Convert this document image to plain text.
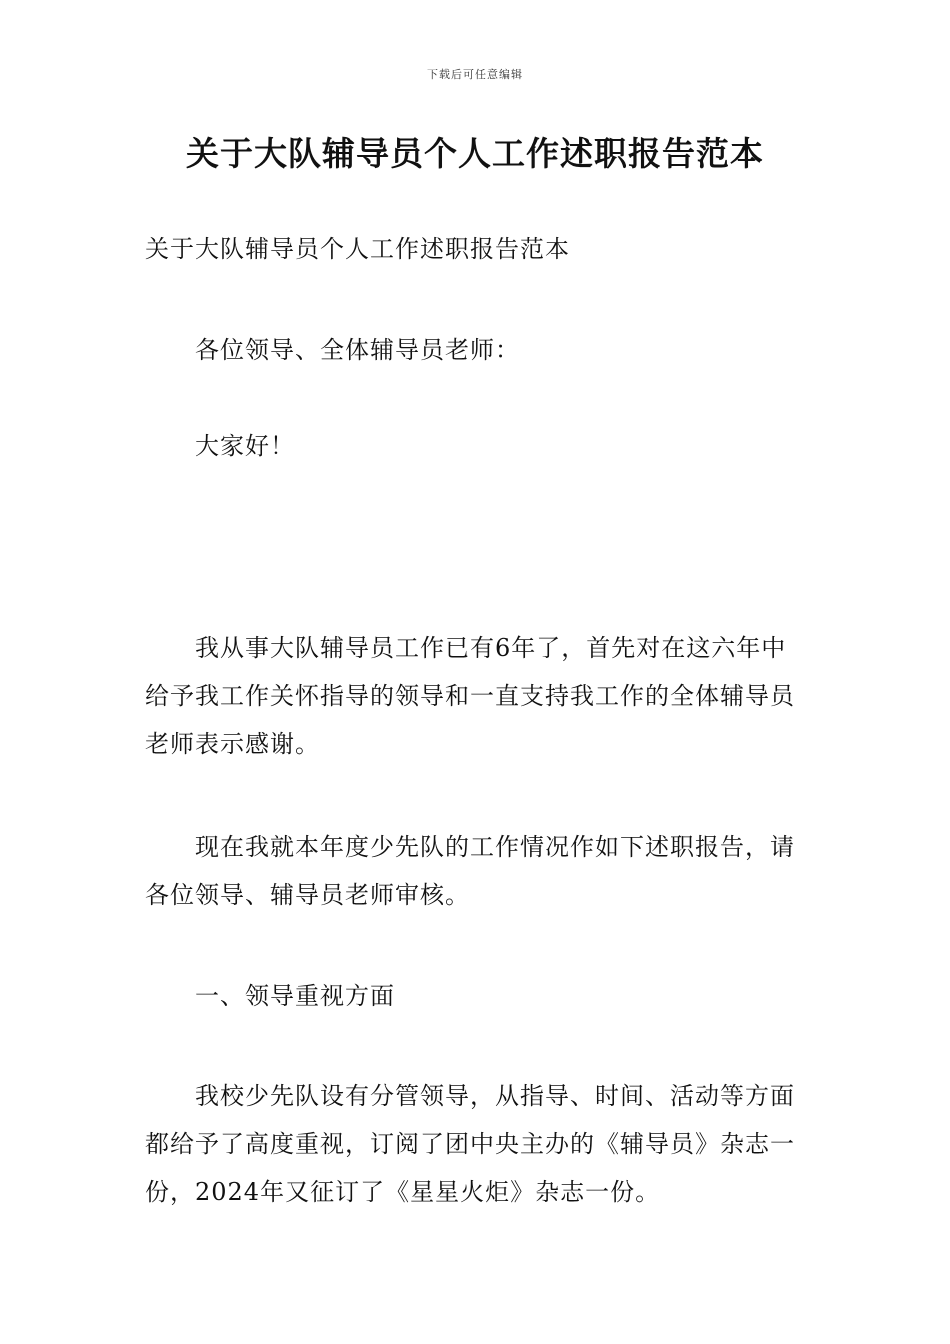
下载后可任意编辑
关于大队辅导员个人工作述职报告范本
关于大队辅导员个人工作述职报告范本
各位领导、全体辅导员老师：
大家好！
我从事大队辅导员工作已有6年了，首先对在这六年中给予我工作关怀指导的领导和一直支持我工作的全体辅导员老师表示感谢。
现在我就本年度少先队的工作情况作如下述职报告，请各位领导、辅导员老师审核。
一、领导重视方面
我校少先队设有分管领导，从指导、时间、活动等方面都给予了高度重视，订阅了团中央主办的《辅导员》杂志一份，2024年又征订了《星星火炬》杂志一份。
